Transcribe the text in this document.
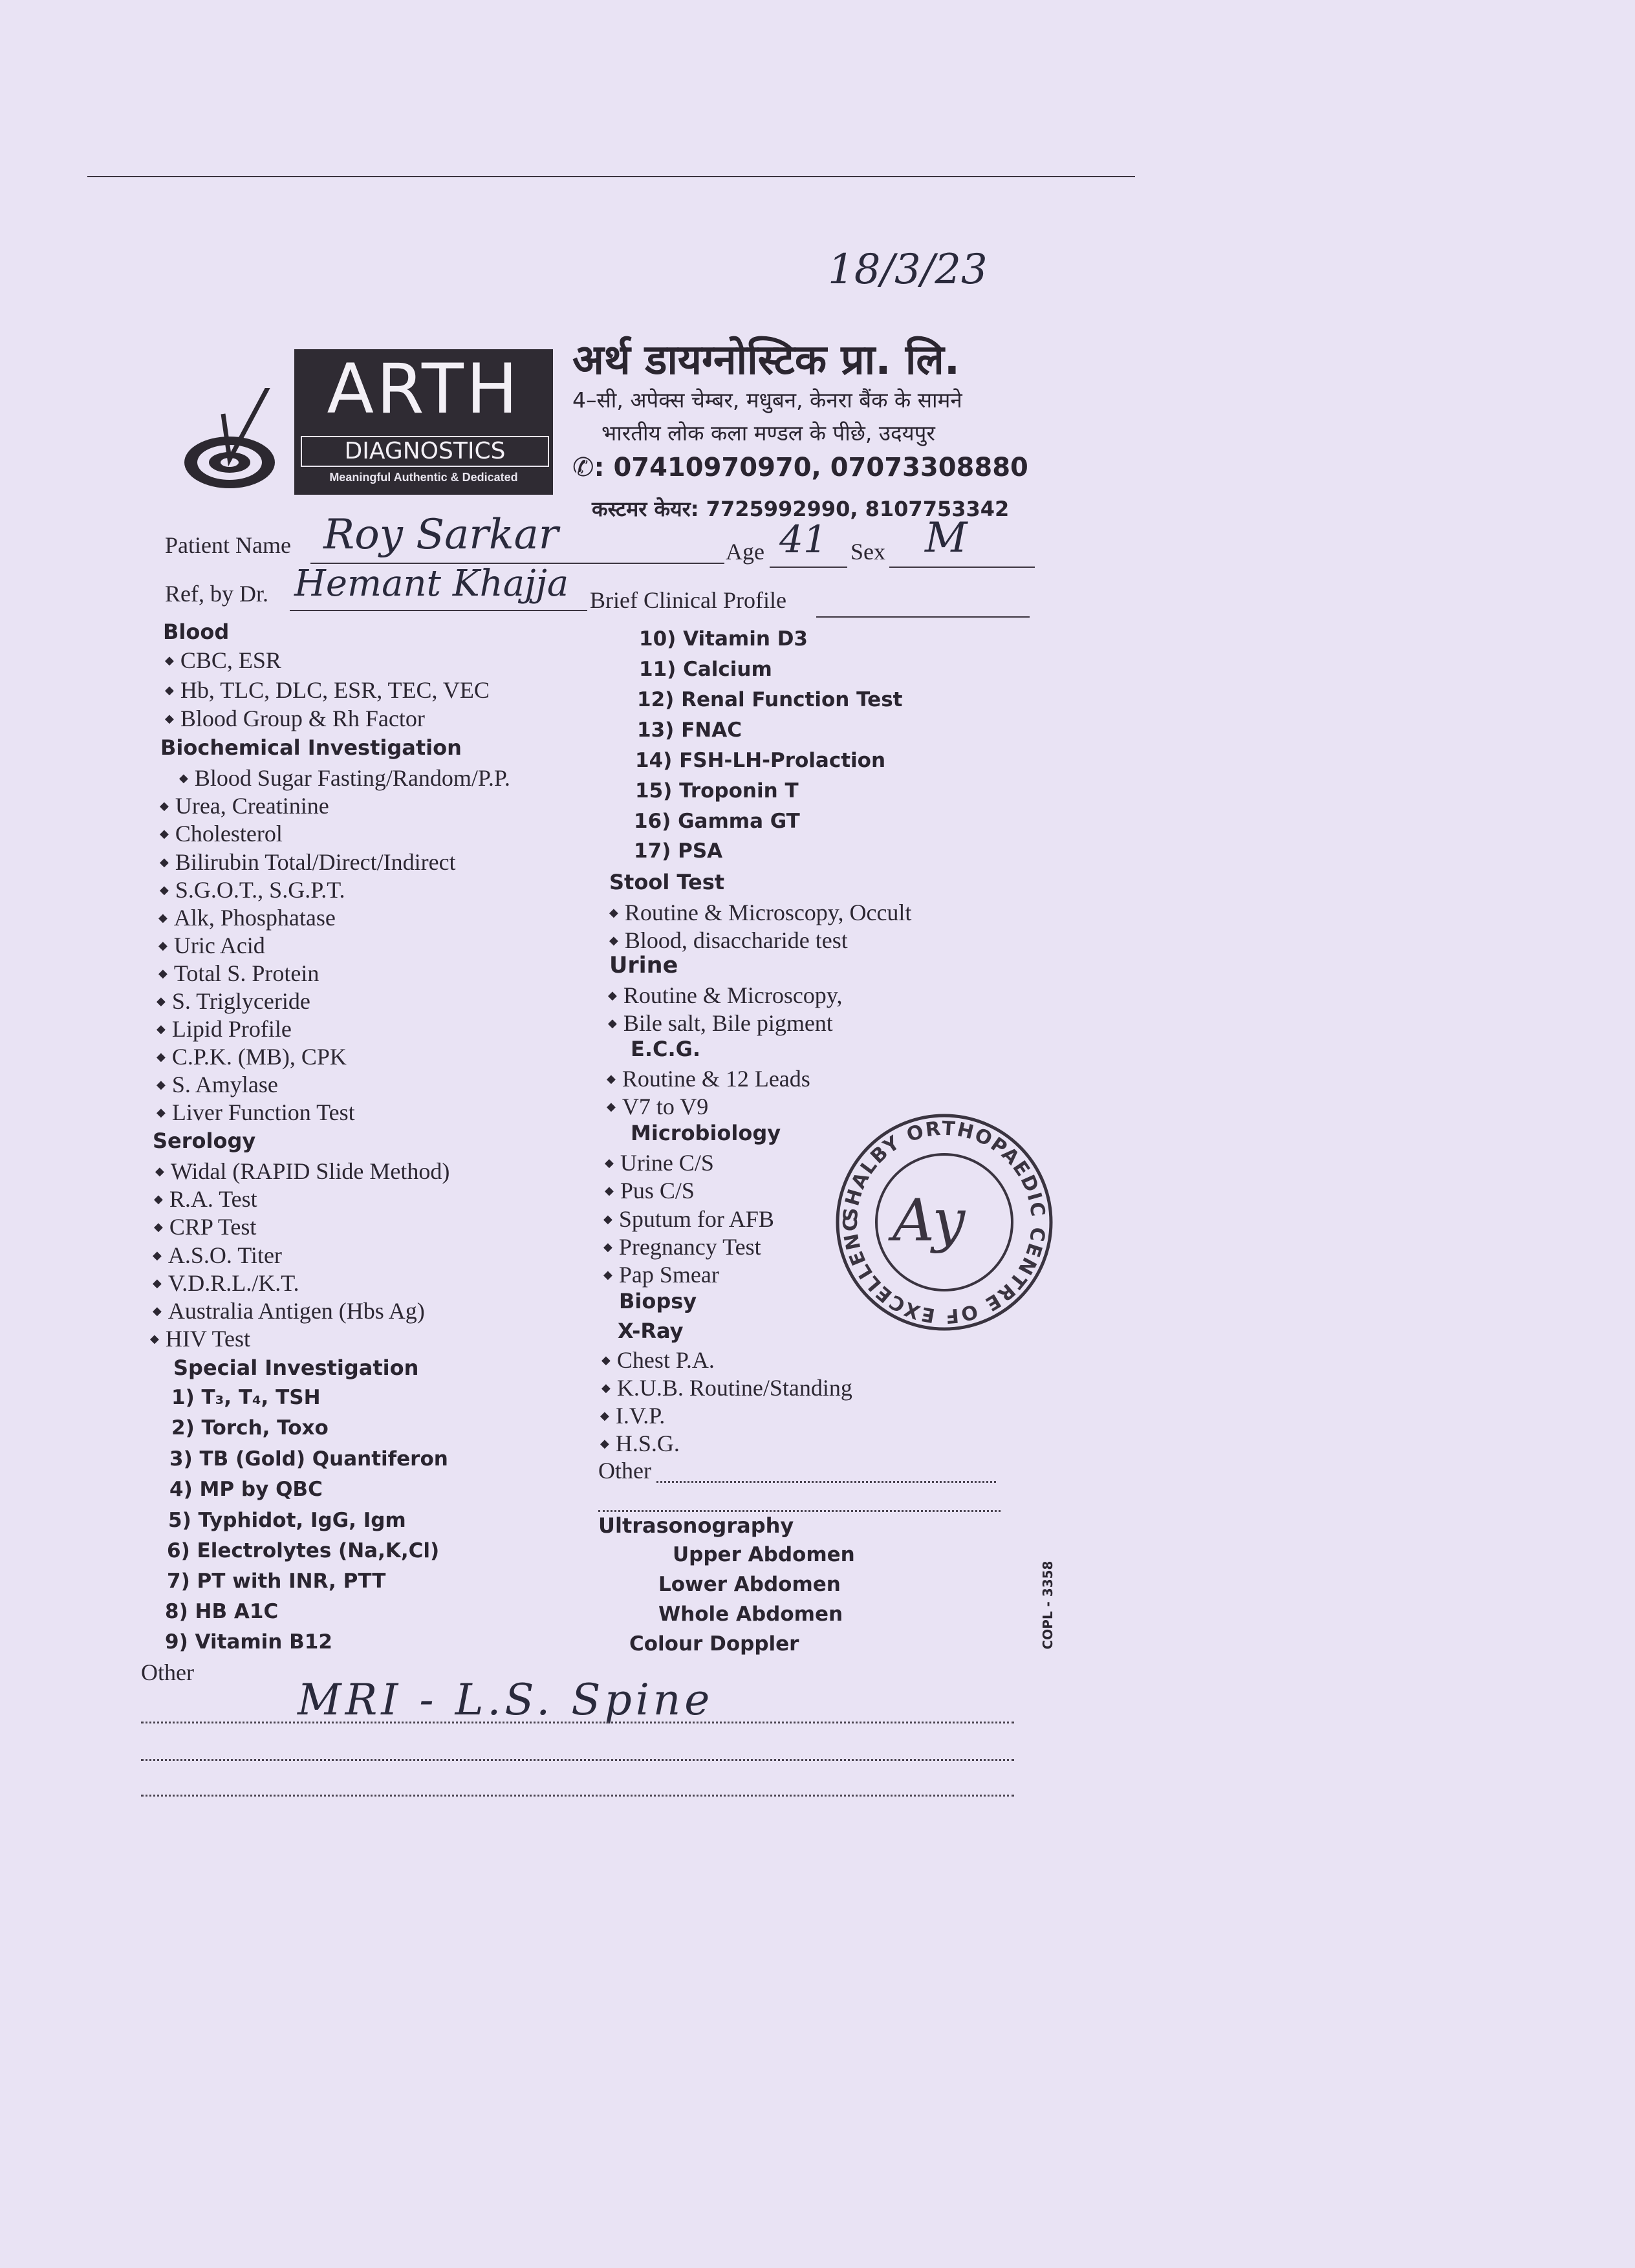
18/3/23
ARTH
DIAGNOSTICS
Meaningful Authentic & Dedicated
अर्थ डायग्नोस्टिक प्रा. लि.
4–सी, अपेक्स चेम्बर, मधुबन, केनरा बैंक के सामने
भारतीय लोक कला मण्डल के पीछे, उदयपुर
✆: 07410970970, 07073308880
कस्टमर केयर: 7725992990, 8107753342
Patient Name Roy Sarkar	Age 41 Sex M
Ref, by Dr. Hemant Khajja Brief Clinical Profile
Blood
◆ CBC, ESR
◆ Hb, TLC, DLC, ESR, TEC, VEC
◆ Blood Group & Rh Factor
Biochemical Investigation
◆ Blood Sugar Fasting/Random/P.P.
◆ Urea, Creatinine
◆ Cholesterol
◆ Bilirubin Total/Direct/Indirect
◆ S.G.O.T., S.G.P.T.
◆ Alk, Phosphatase
◆ Uric Acid
◆ Total S. Protein
◆ S. Triglyceride
◆ Lipid Profile
◆ C.P.K. (MB), CPK
◆ S. Amylase
◆ Liver Function Test
Serology
◆ Widal (RAPID Slide Method)
◆ R.A. Test
◆ CRP Test
◆ A.S.O. Titer
◆ V.D.R.L./K.T.
◆ Australia Antigen (Hbs Ag)
◆ HIV Test
Special Investigation
1) T₃, T₄, TSH
2) Torch, Toxo
3) TB (Gold) Quantiferon
4) MP by QBC
5) Typhidot, IgG, Igm
6) Electrolytes (Na,K,Cl)
7) PT with INR, PTT
8) HB A1C
9) Vitamin B12
10) Vitamin D3
11) Calcium
12) Renal Function Test
13) FNAC
14) FSH-LH-Prolaction
15) Troponin T
16) Gamma GT
17) PSA
Stool Test
◆ Routine & Microscopy, Occult
◆ Blood, disaccharide test
Urine
◆ Routine & Microscopy,
◆ Bile salt, Bile pigment
E.C.G.
◆ Routine & 12 Leads
◆ V7 to V9
Microbiology
◆ Urine C/S
◆ Pus C/S
◆ Sputum for AFB
◆ Pregnancy Test
◆ Pap Smear
Biopsy
X-Ray
◆ Chest P.A.
◆ K.U.B. Routine/Standing
◆ I.V.P.
◆ H.S.G.
Other
Ultrasonography
Upper Abdomen
Lower Abdomen
Whole Abdomen
Colour Doppler	COPL - 3358
SHALBY ORTHOPAEDIC CENTRE OF EXCELLENC Ay
Other
MRI - L.S. Spine
